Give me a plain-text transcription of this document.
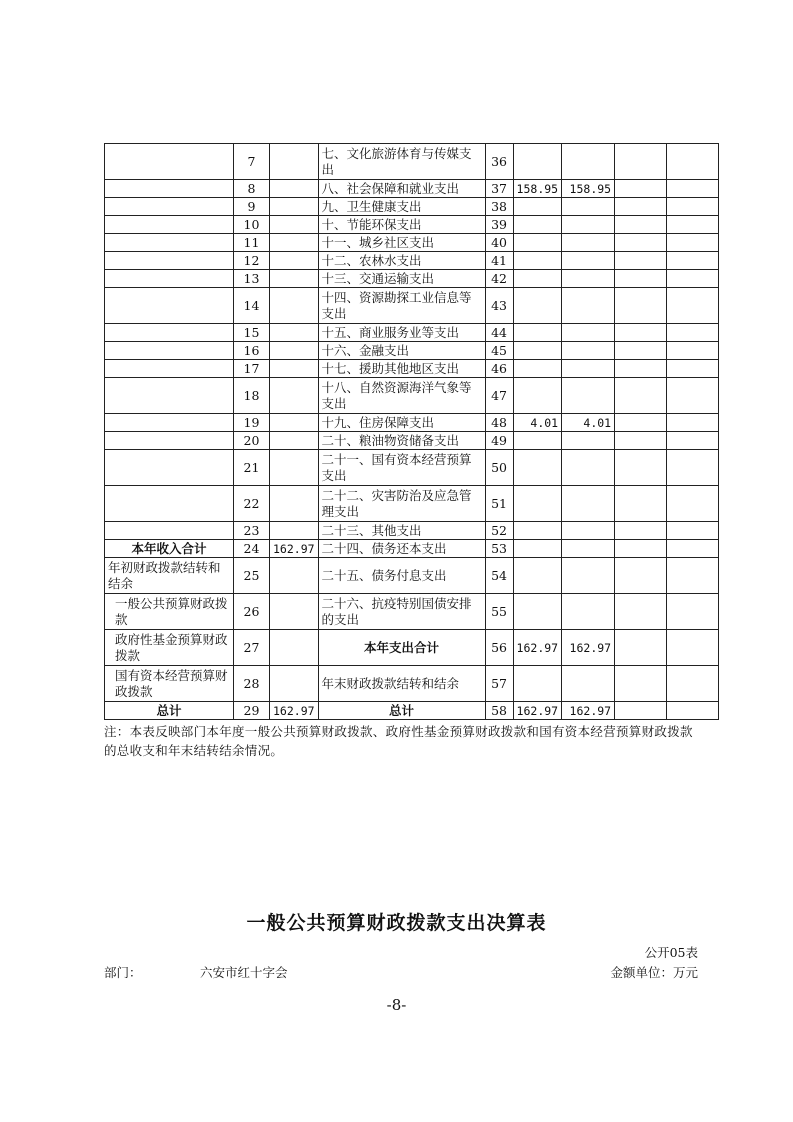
	7		七、文化旅游体育与传媒支出	36				
	8		八、社会保障和就业支出	37	158.95	158.95		
	9		九、卫生健康支出	38				
	10		十、节能环保支出	39				
	11		十一、城乡社区支出	40				
	12		十二、农林水支出	41				
	13		十三、交通运输支出	42				
	14		十四、资源勘探工业信息等支出	43				
	15		十五、商业服务业等支出	44				
	16		十六、金融支出	45				
	17		十七、援助其他地区支出	46				
	18		十八、自然资源海洋气象等支出	47				
	19		十九、住房保障支出	48	4.01	4.01		
	20		二十、粮油物资储备支出	49				
	21		二十一、国有资本经营预算支出	50				
	22		二十二、灾害防治及应急管理支出	51				
	23		二十三、其他支出	52				
本年收入合计	24	162.97	二十四、债务还本支出	53				
年初财政拨款结转和结余	25		二十五、债务付息支出	54				
一般公共预算财政拨款	26		二十六、抗疫特别国债安排的支出	55				
政府性基金预算财政拨款	27		本年支出合计	56	162.97	162.97		
国有资本经营预算财政拨款	28		年末财政拨款结转和结余	57				
总计	29	162.97	总计	58	162.97	162.97		
注：本表反映部门本年度一般公共预算财政拨款、政府性基金预算财政拨款和国有资本经营预算财政拨款的总收支和年末结转结余情况。
一般公共预算财政拨款支出决算表
公开05表
部门：	六安市红十字会	金额单位：万元
-8-
